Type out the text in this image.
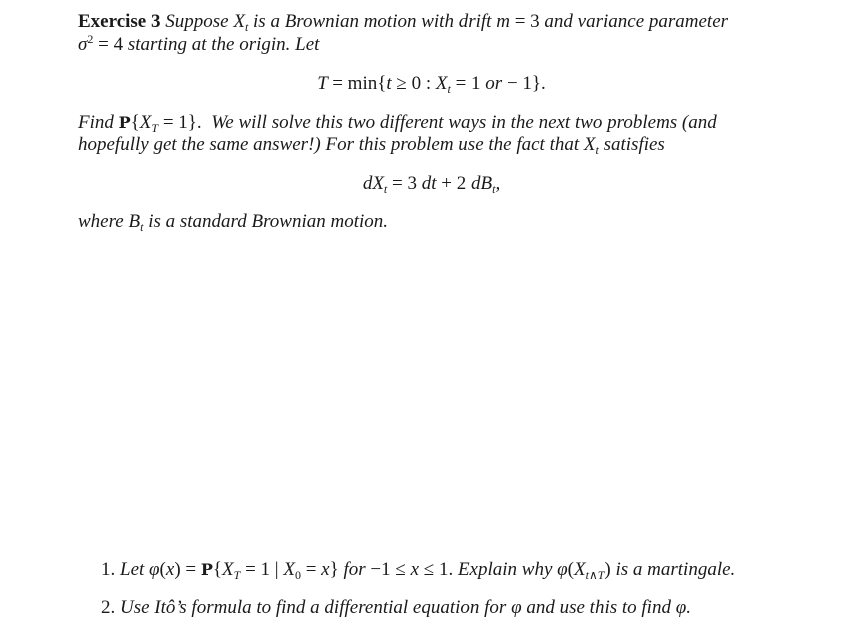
Exercise 3 Suppose $X_t$ is a Brownian motion with drift m = 3 and variance parameter
$\sigma^2 = 4$ starting at the origin. Let
T = min{t ≥ 0 : $X_t = 1$ or − 1}.
Find $P\{X_T = 1\}$.  We will solve this two different ways in the next two problems (and
hopefully get the same answer!) For this problem use the fact that $X_t$ satisfies
$dX_t = 3$ dt + 2 $dB_t$,
where $B_t$ is a standard Brownian motion.
1. Let $\varphi(x) = P\{X_T = 1$ | $X_0 = x$} for −1 ≤ x ≤ 1. Explain why $\varphi(X_{t\wedge T})$ is a martingale.
2. Use Itô’s formula to find a differential equation for φ and use this to find φ.
